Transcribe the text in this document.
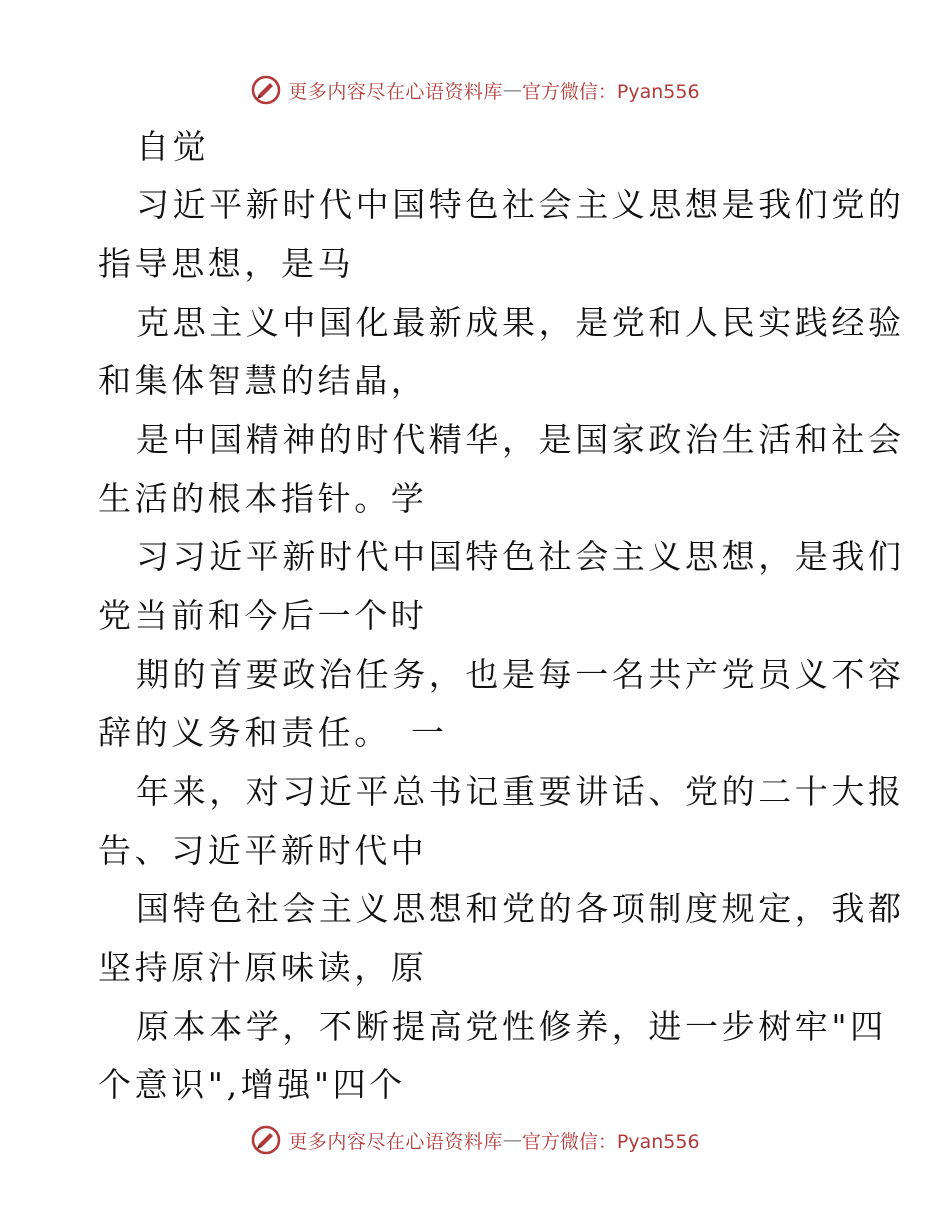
更多内容尽在心语资料库 — 官方微信：Pyan556
自觉
习近平新时代中国特色社会主义思想是我们党的
指导思想，是马
克思主义中国化最新成果，是党和人民实践经验
和集体智慧的结晶，
是中国精神的时代精华，是国家政治生活和社会
生活的根本指针。学
习习近平新时代中国特色社会主义思想，是我们
党当前和今后一个时
期的首要政治任务，也是每一名共产党员义不容
辞的义务和责任。　一
年来，对习近平总书记重要讲话、党的二十大报
告、习近平新时代中
国特色社会主义思想和党的各项制度规定，我都
坚持原汁原味读，原
原本本学，不断提高党性修养，进一步树牢"四
个意识",增强"四个
更多内容尽在心语资料库 — 官方微信：Pyan556
